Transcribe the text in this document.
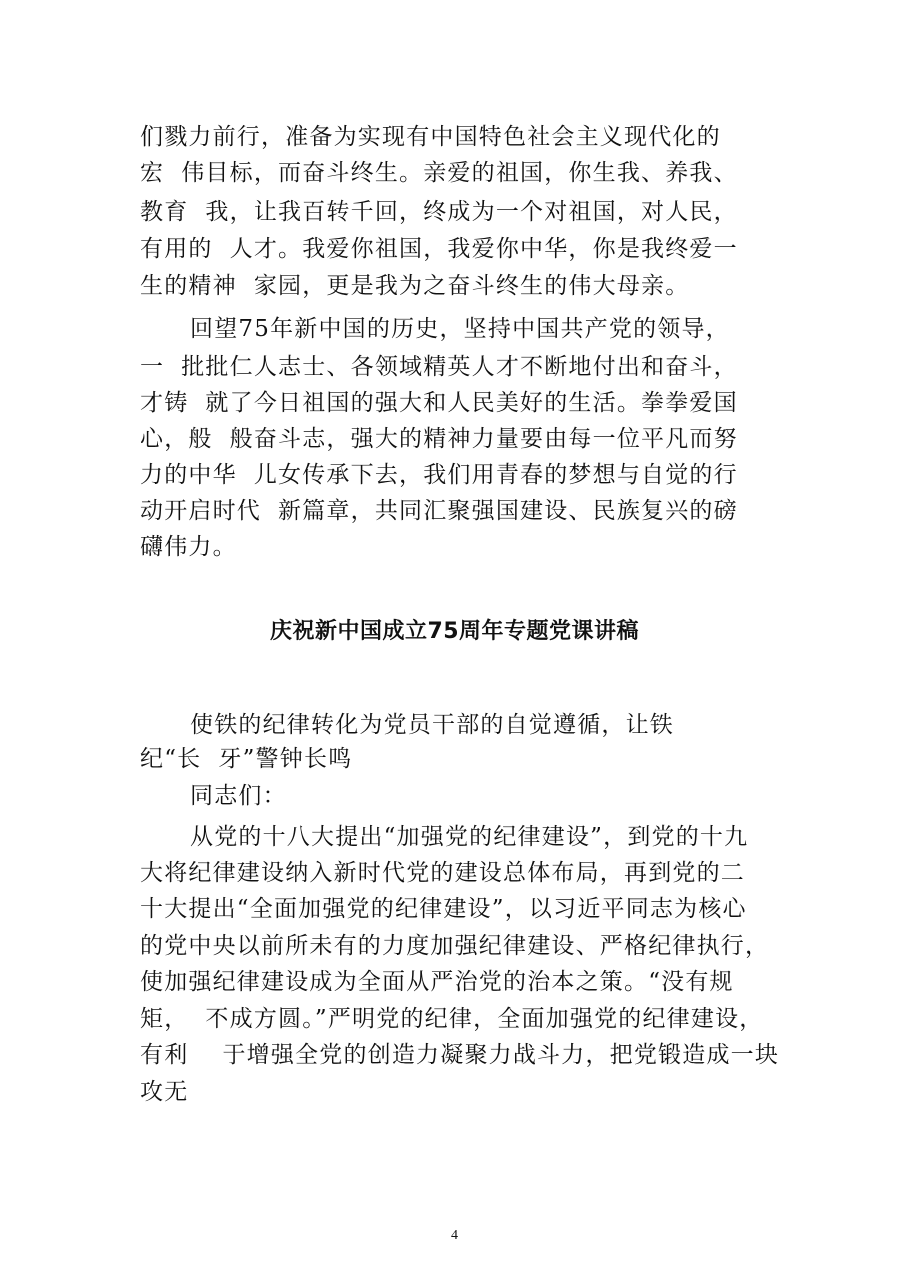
们戮力前行，准备为实现有中国特色社会主义现代化的
宏  伟目标，而奋斗终生。亲爱的祖国，你生我、养我、
教育  我，让我百转千回，终成为一个对祖国，对人民，
有用的  人才。我爱你祖国，我爱你中华，你是我终爱一
生的精神  家园，更是我为之奋斗终生的伟大母亲。
回望75年新中国的历史，坚持中国共产党的领导，
一  批批仁人志士、各领域精英人才不断地付出和奋斗，
才铸  就了今日祖国的强大和人民美好的生活。拳拳爱国
心，般  般奋斗志，强大的精神力量要由每一位平凡而努
力的中华  儿女传承下去，我们用青春的梦想与自觉的行
动开启时代  新篇章，共同汇聚强国建设、民族复兴的磅
礴伟力。
庆祝新中国成立75周年专题党课讲稿
使铁的纪律转化为党员干部的自觉遵循，让铁
纪“长  牙”警钟长鸣
同志们：
从党的十八大提出“加强党的纪律建设”，到党的十九
大将纪律建设纳入新时代党的建设总体布局，再到党的二
十大提出“全面加强党的纪律建设”，以习近平同志为核心
的党中央以前所未有的力度加强纪律建设、严格纪律执行，
使加强纪律建设成为全面从严治党的治本之策。“没有规
矩，  不成方圆。”严明党的纪律，全面加强党的纪律建设，
有利    于增强全党的创造力凝聚力战斗力，把党锻造成一块
攻无
4
